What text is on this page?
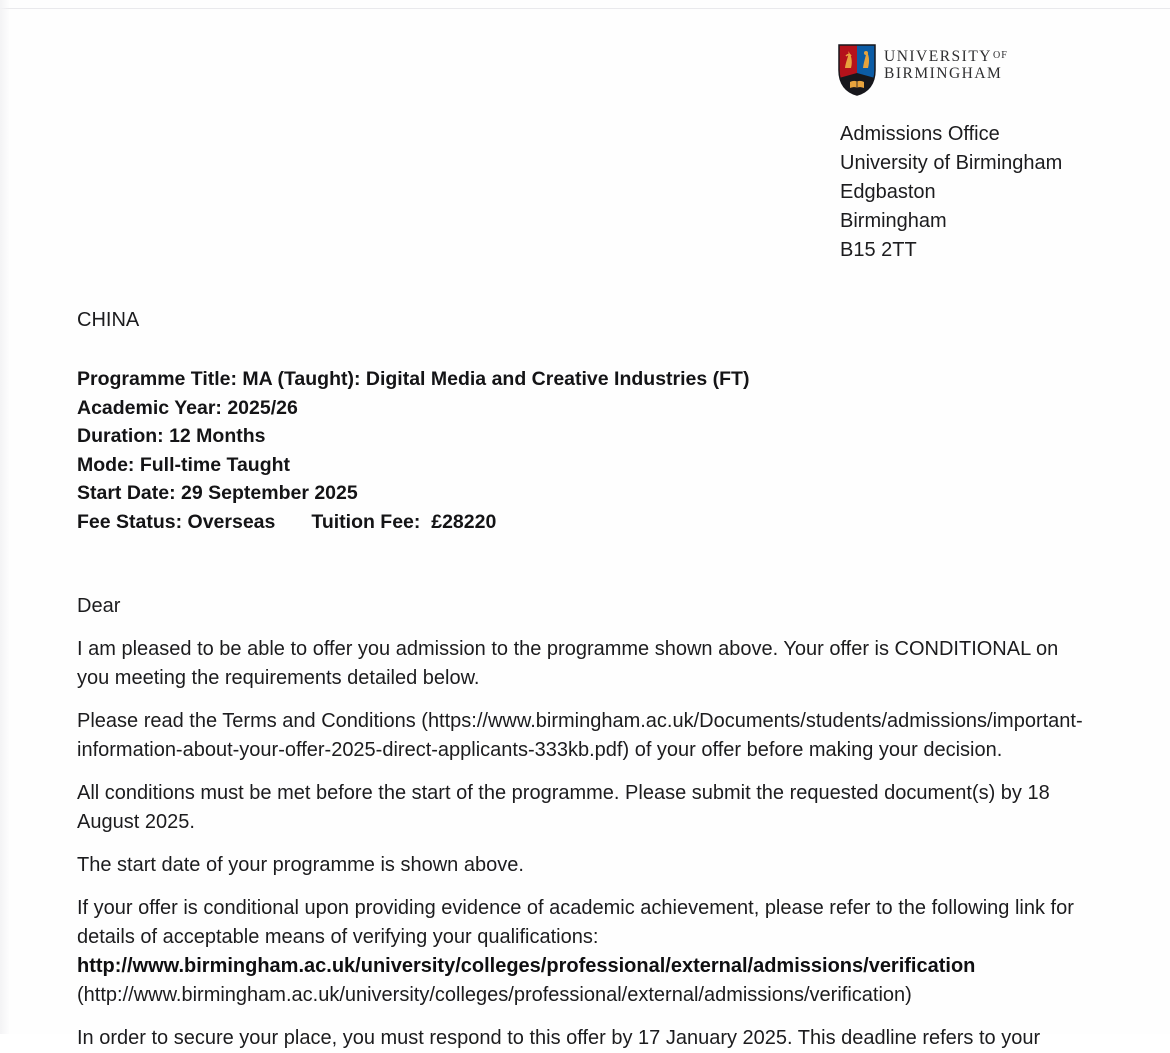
UNIVERSITYOF
BIRMINGHAM
Admissions Office
University of Birmingham
Edgbaston
Birmingham
B15 2TT
CHINA
Programme Title: MA (Taught): Digital Media and Creative Industries (FT)
Academic Year: 2025/26
Duration: 12 Months
Mode: Full-time Taught
Start Date: 29 September 2025
Fee Status: Overseas Tuition Fee:  £28220

Dear

I am pleased to be able to offer you admission to the programme shown above. Your offer is CONDITIONAL on you meeting the requirements detailed below.

Please read the Terms and Conditions (https://www.birmingham.ac.uk/Documents/students/admissions/important-information-about-your-offer-2025-direct-applicants-333kb.pdf) of your offer before making your decision.

All conditions must be met before the start of the programme. Please submit the requested document(s) by 18 August 2025.

The start date of your programme is shown above.

If your offer is conditional upon providing evidence of academic achievement, please refer to the following link for details of acceptable means of verifying your qualifications:
http://www.birmingham.ac.uk/university/colleges/professional/external/admissions/verification
(http://www.birmingham.ac.uk/university/colleges/professional/external/admissions/verification)

In order to secure your place, you must respond to this offer by 17 January 2025. This deadline refers to your
